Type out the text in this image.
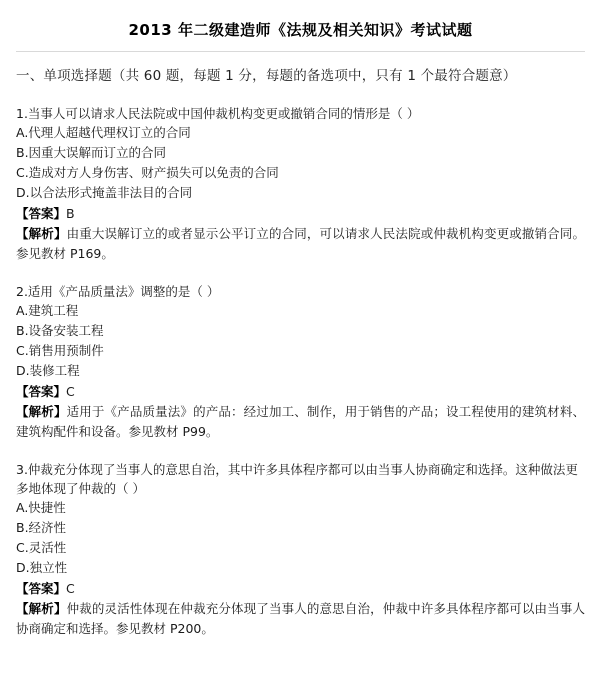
2013 年二级建造师《法规及相关知识》考试试题
一、单项选择题（共 60 题，每题 1 分，每题的备选项中，只有 1 个最符合题意）

1.当事人可以请求人民法院或中国仲裁机构变更或撤销合同的情形是（ ）

A.代理人超越代理权订立的合同

B.因重大误解而订立的合同

C.造成对方人身伤害、财产损失可以免责的合同

D.以合法形式掩盖非法目的合同

【答案】B

【解析】由重大误解订立的或者显示公平订立的合同，可以请求人民法院或仲裁机构变更或撤销合同。参见教材 P169。

2.适用《产品质量法》调整的是（ ）

A.建筑工程

B.设备安装工程

C.销售用预制件

D.装修工程

【答案】C

【解析】适用于《产品质量法》的产品：经过加工、制作，用于销售的产品；设工程使用的建筑材料、建筑构配件和设备。参见教材 P99。

3.仲裁充分体现了当事人的意思自治，其中许多具体程序都可以由当事人协商确定和选择。这种做法更多地体现了仲裁的（ ）

A.快捷性

B.经济性

C.灵活性

D.独立性

【答案】C

【解析】仲裁的灵活性体现在仲裁充分体现了当事人的意思自治，仲裁中许多具体程序都可以由当事人协商确定和选择。参见教材 P200。
